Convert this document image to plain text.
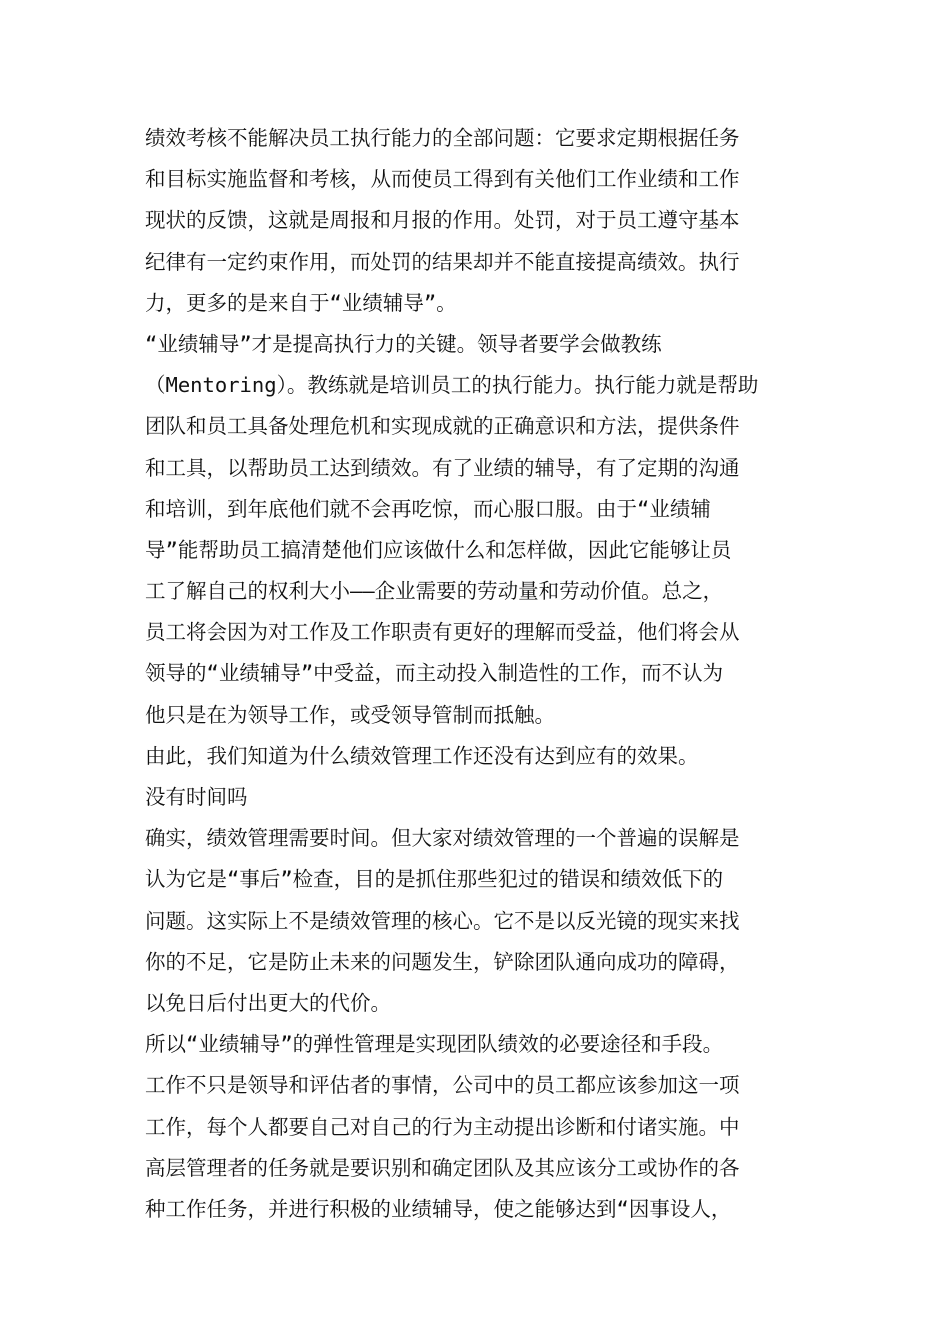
绩效考核不能解决员工执行能力的全部问题：它要求定期根据任务
和目标实施监督和考核，从而使员工得到有关他们工作业绩和工作
现状的反馈，这就是周报和月报的作用。处罚，对于员工遵守基本
纪律有一定约束作用，而处罚的结果却并不能直接提高绩效。执行
力，更多的是来自于“业绩辅导”。
“业绩辅导”才是提高执行力的关键。领导者要学会做教练
（Mentoring）。教练就是培训员工的执行能力。执行能力就是帮助
团队和员工具备处理危机和实现成就的正确意识和方法，提供条件
和工具，以帮助员工达到绩效。有了业绩的辅导，有了定期的沟通
和培训，到年底他们就不会再吃惊，而心服口服。由于“业绩辅
导”能帮助员工搞清楚他们应该做什么和怎样做，因此它能够让员
工了解自己的权利大小——企业需要的劳动量和劳动价值。总之，
员工将会因为对工作及工作职责有更好的理解而受益，他们将会从
领导的“业绩辅导”中受益，而主动投入制造性的工作，而不认为
他只是在为领导工作，或受领导管制而抵触。
由此，我们知道为什么绩效管理工作还没有达到应有的效果。
没有时间吗
确实，绩效管理需要时间。但大家对绩效管理的一个普遍的误解是
认为它是“事后”检查，目的是抓住那些犯过的错误和绩效低下的
问题。这实际上不是绩效管理的核心。它不是以反光镜的现实来找
你的不足，它是防止未来的问题发生，铲除团队通向成功的障碍，
以免日后付出更大的代价。
所以“业绩辅导”的弹性管理是实现团队绩效的必要途径和手段。
工作不只是领导和评估者的事情，公司中的员工都应该参加这一项
工作，每个人都要自己对自己的行为主动提出诊断和付诸实施。中
高层管理者的任务就是要识别和确定团队及其应该分工或协作的各
种工作任务，并进行积极的业绩辅导，使之能够达到“因事设人，
